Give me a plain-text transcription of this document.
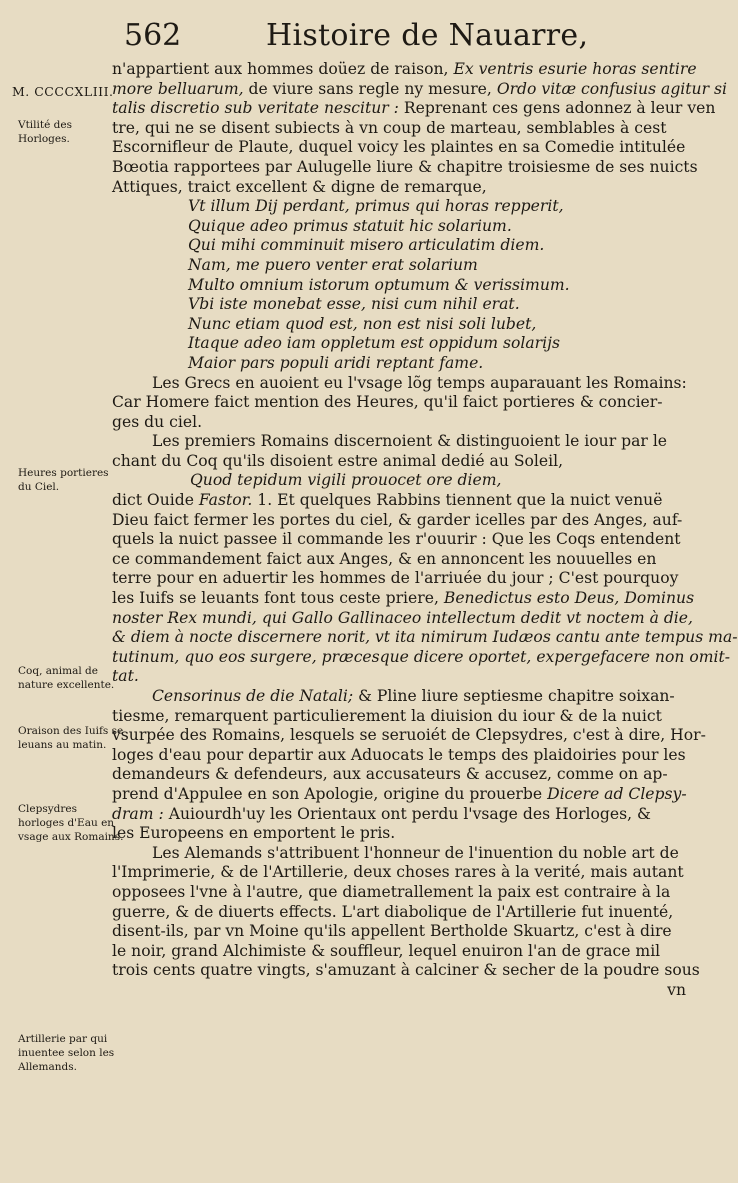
562	Histoire de Nauarre,
M. CCCCXLIII.
Vtilité des Horloges.
Heures portieres du Ciel.
Coq, animal de nature excellente.
Oraison des Iuifs se leuans au matin.
Clepsydres horloges d'Eau en vsage aux Romains.
Artillerie par qui inuentee selon les Allemands.
n'appartient aux hommes doüez de raison, Ex ventris esurie horas sentire
more belluarum, de viure sans regle ny mesure, Ordo vitæ confusius agitur si
talis discretio sub veritate nescitur : Reprenant ces gens adonnez à leur ven
tre, qui ne se disent subiects à vn coup de marteau, semblables à cest
Escornifleur de Plaute, duquel voicy les plaintes en sa Comedie intitulée
Bœotia rapportees par Aulugelle liure & chapitre troisiesme de ses nuicts
Attiques, traict excellent & digne de remarque,
Vt illum Dij perdant, primus qui horas repperit,
Quique adeo primus statuit hic solarium.
Qui mihi comminuit misero articulatim diem.
Nam, me puero venter erat solarium
Multo omnium istorum optumum & verissimum.
Vbi iste monebat esse, nisi cum nihil erat.
Nunc etiam quod est, non est nisi soli lubet,
Itaque adeo iam oppletum est oppidum solarijs
Maior pars populi aridi reptant fame.
Les Grecs en auoient eu l'vsage lõg temps auparauant les Romains:
Car Homere faict mention des Heures, qu'il faict portieres & concier-
ges du ciel.
Les premiers Romains discernoient & distinguoient le iour par le
chant du Coq qu'ils disoient estre animal dedié au Soleil,
Quod tepidum vigili prouocet ore diem,
dict Ouide Fastor. 1. Et quelques Rabbins tiennent que la nuict venuë
Dieu faict fermer les portes du ciel, & garder icelles par des Anges, auf-
quels la nuict passee il commande les r'ouurir : Que les Coqs entendent
ce commandement faict aux Anges, & en annoncent les nouuelles en
terre pour en aduertir les hommes de l'arriuée du jour ; C'est pourquoy
les Iuifs se leuants font tous ceste priere, Benedictus esto Deus, Dominus
noster Rex mundi, qui Gallo Gallinaceo intellectum dedit vt noctem à die,
& diem à nocte discernere norit, vt ita nimirum Iudæos cantu ante tempus ma-
tutinum, quo eos surgere, præcesque dicere oportet, expergefacere non omit-
tat.
Censorinus de die Natali; & Pline liure septiesme chapitre soixan-
tiesme, remarquent particulierement la diuision du iour & de la nuict
vsurpée des Romains, lesquels se seruoiét de Clepsydres, c'est à dire, Hor-
loges d'eau pour departir aux Aduocats le temps des plaidoiries pour les
demandeurs & defendeurs, aux accusateurs & accusez, comme on ap-
prend d'Appulee en son Apologie, origine du prouerbe Dicere ad Clepsy-
dram : Auiourdh'uy les Orientaux ont perdu l'vsage des Horloges, &
les Europeens en emportent le pris.
Les Alemands s'attribuent l'honneur de l'inuention du noble art de
l'Imprimerie, & de l'Artillerie, deux choses rares à la verité, mais autant
opposees l'vne à l'autre, que diametrallement la paix est contraire à la
guerre, & de diuerts effects. L'art diabolique de l'Artillerie fut inuenté,
disent-ils, par vn Moine qu'ils appellent Bertholde Skuartz, c'est à dire
le noir, grand Alchimiste & souffleur, lequel enuiron l'an de grace mil
trois cents quatre vingts, s'amuzant à calciner & secher de la poudre sous
vn
